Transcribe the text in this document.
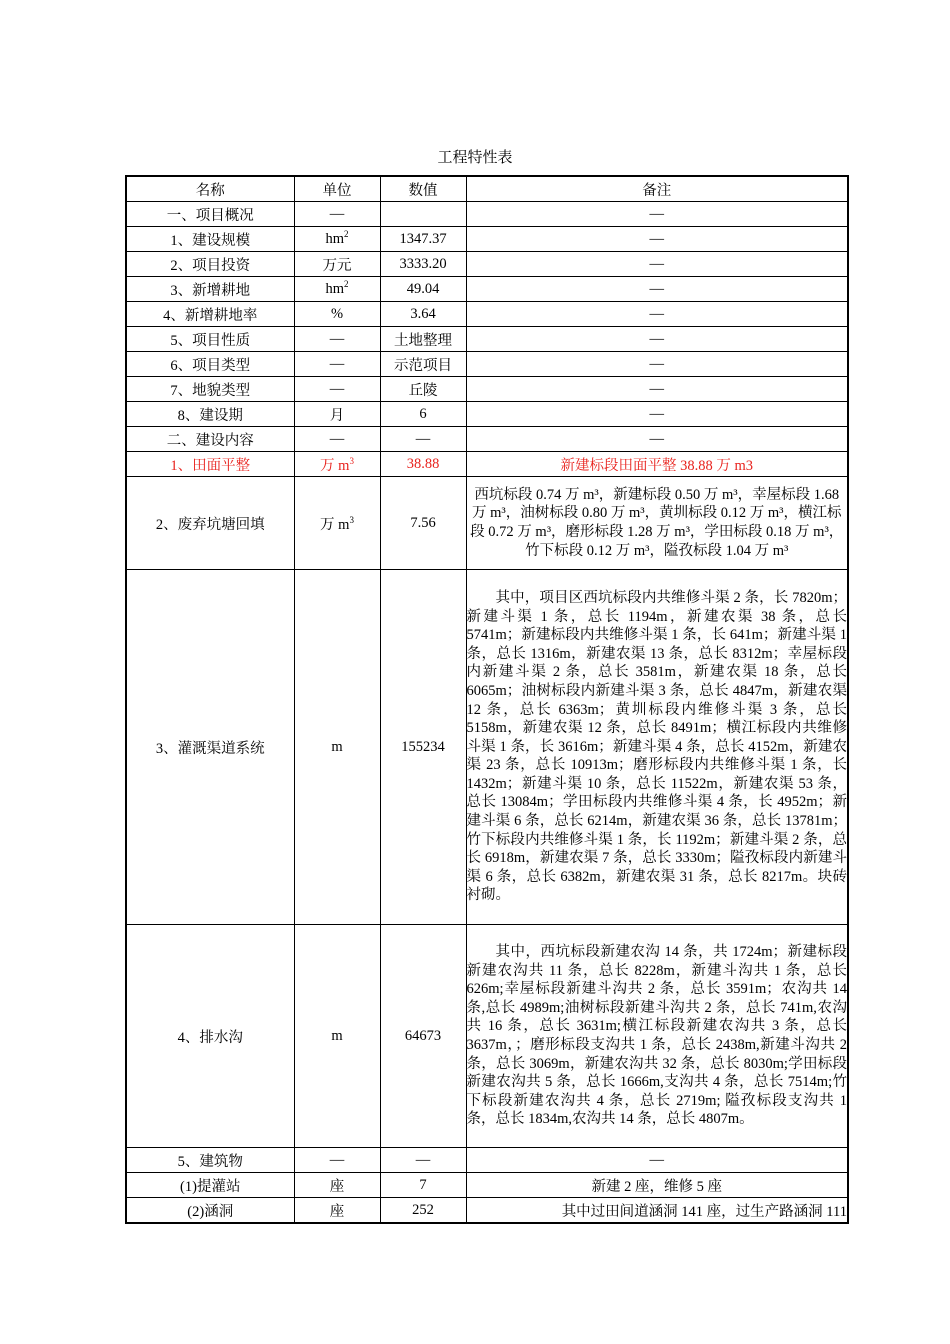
工程特性表
名称	单位	数值	备注
一、项目概况	—		—
1、建设规模	$hm^2$	1347.37	—
2、项目投资	万元	3333.20	—
3、新增耕地	$hm^2$	49.04	—
4、新增耕地率	%	3.64	—
5、项目性质	—	土地整理	—
6、项目类型	—	示范项目	—
7、地貌类型	—	丘陵	—
8、建设期	月	6	—
二、建设内容	—	—	—
1、田面平整	万 $m^3$	38.88	新建标段田面平整 38.88 万 m3
2、废弃坑塘回填	万 $m^3$	7.56	西坑标段 0.74 万 m³，新建标段 0.50 万 m³，幸屋标段 1.68 万 m³，油树标段 0.80 万 m³，黄圳标段 0.12 万 m³，横江标段 0.72 万 m³，磨形标段 1.28 万 m³，学田标段 0.18 万 m³，竹下标段 0.12 万 m³，隘孜标段 1.04 万 m³
3、灌溉渠道系统	m	155234	其中，项目区西坑标段内共维修斗渠 2 条，长 7820m；新建斗渠 1 条，总长 1194m，新建农渠 38 条，总长 5741m；新建标段内共维修斗渠 1 条，长 641m；新建斗渠 1 条，总长 1316m，新建农渠 13 条，总长 8312m；幸屋标段内新建斗渠 2 条，总长 3581m，新建农渠 18 条，总长 6065m；油树标段内新建斗渠 3 条，总长 4847m，新建农渠 12 条，总长 6363m；黄圳标段内维修斗渠 3 条，总长 5158m，新建农渠 12 条，总长 8491m；横江标段内共维修斗渠 1 条，长 3616m；新建斗渠 4 条，总长 4152m，新建农渠 23 条，总长 10913m；磨形标段内共维修斗渠 1 条，长 1432m；新建斗渠 10 条，总长 11522m，新建农渠 53 条，总长 13084m；学田标段内共维修斗渠 4 条，长 4952m；新建斗渠 6 条，总长 6214m，新建农渠 36 条，总长 13781m；竹下标段内共维修斗渠 1 条，长 1192m；新建斗渠 2 条，总长 6918m，新建农渠 7 条，总长 3330m；隘孜标段内新建斗渠 6 条，总长 6382m，新建农渠 31 条，总长 8217m。块砖衬砌。
4、排水沟	m	64673	其中，西坑标段新建农沟 14 条，共 1724m；新建标段新建农沟共 11 条，总长 8228m，新建斗沟共 1 条，总长 626m;幸屋标段新建斗沟共 2 条，总长 3591m；农沟共 14 条,总长 4989m;油树标段新建斗沟共 2 条，总长 741m,农沟共 16 条，总长 3631m;横江标段新建农沟共 3 条，总长 3637m，；磨形标段支沟共 1 条，总长 2438m,新建斗沟共 2 条，总长 3069m，新建农沟共 32 条，总长 8030m;学田标段新建农沟共 5 条，总长 1666m,支沟共 4 条，总长 7514m;竹下标段新建农沟共 4 条，总长 2719m; 隘孜标段支沟共 1 条，总长 1834m,农沟共 14 条，总长 4807m。
5、建筑物	—	—	—
(1)提灌站	座	7	新建 2 座，维修 5 座
(2)涵洞	座	252	其中过田间道涵洞 141 座，过生产路涵洞 111
